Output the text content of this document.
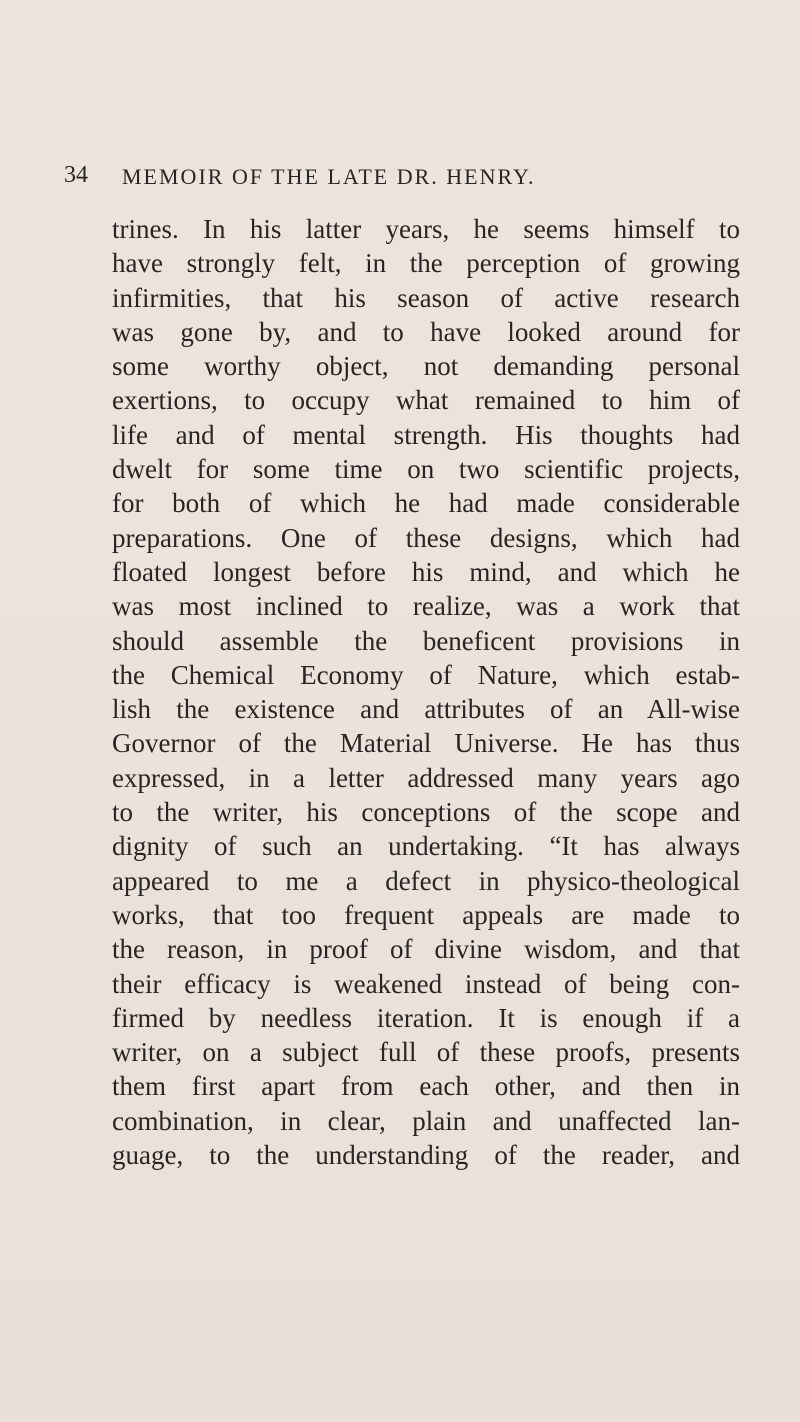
34 MEMOIR OF THE LATE DR. HENRY.
trines. In his latter years, he seems himself to
have strongly felt, in the perception of growing
infirmities, that his season of active research
was gone by, and to have looked around for
some worthy object, not demanding personal
exertions, to occupy what remained to him of
life and of mental strength. His thoughts had
dwelt for some time on two scientific projects,
for both of which he had made considerable
preparations. One of these designs, which had
floated longest before his mind, and which he
was most inclined to realize, was a work that
should assemble the beneficent provisions in
the Chemical Economy of Nature, which estab-
lish the existence and attributes of an All-wise
Governor of the Material Universe. He has thus
expressed, in a letter addressed many years ago
to the writer, his conceptions of the scope and
dignity of such an undertaking. “It has always
appeared to me a defect in physico-theological
works, that too frequent appeals are made to
the reason, in proof of divine wisdom, and that
their efficacy is weakened instead of being con-
firmed by needless iteration. It is enough if a
writer, on a subject full of these proofs, presents
them first apart from each other, and then in
combination, in clear, plain and unaffected lan-
guage, to the understanding of the reader, and
